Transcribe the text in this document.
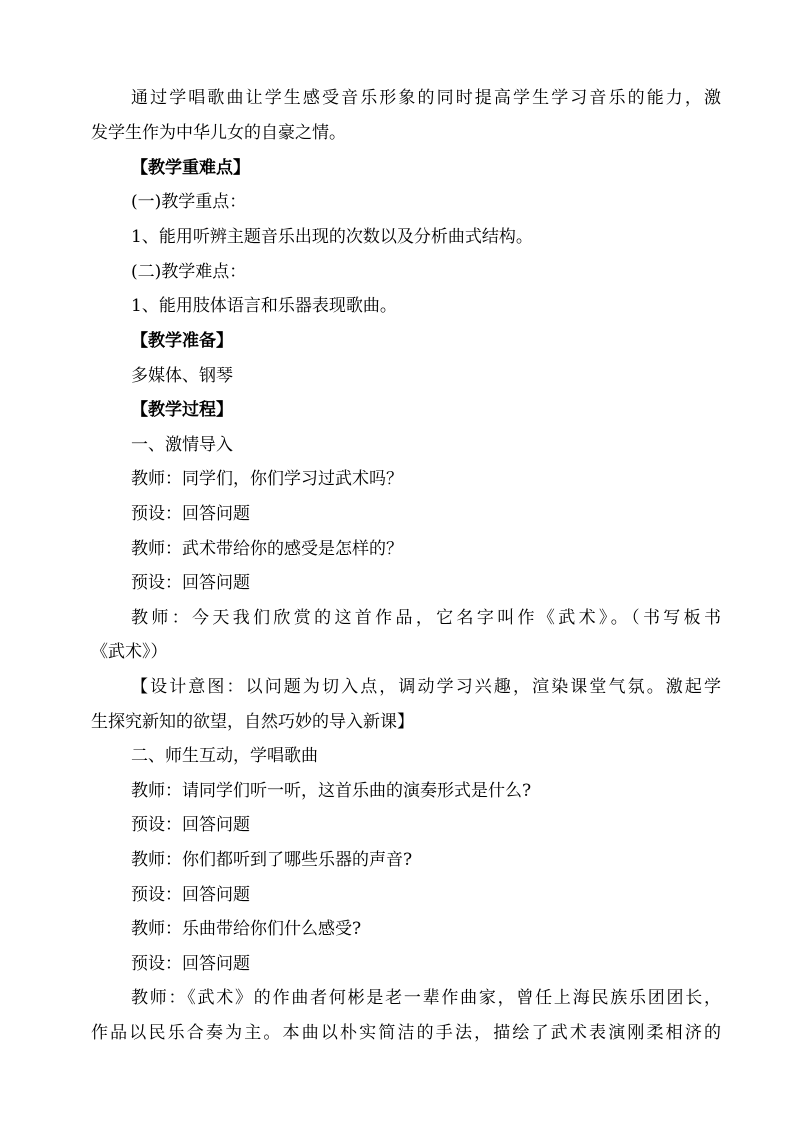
通过学唱歌曲让学生感受音乐形象的同时提高学生学习音乐的能力，激
发学生作为中华儿女的自豪之情。
【教学重难点】
(一)教学重点：
1、能用听辨主题音乐出现的次数以及分析曲式结构。
(二)教学难点：
1、能用肢体语言和乐器表现歌曲。
【教学准备】
多媒体、钢琴
【教学过程】
一、激情导入
教师：同学们，你们学习过武术吗？
预设：回答问题
教师：武术带给你的感受是怎样的？
预设：回答问题
教师：今天我们欣赏的这首作品，它名字叫作《武术》。（书写板书
《武术》）
【设计意图：以问题为切入点，调动学习兴趣，渲染课堂气氛。激起学
生探究新知的欲望，自然巧妙的导入新课】
二、师生互动，学唱歌曲
教师：请同学们听一听，这首乐曲的演奏形式是什么?
预设：回答问题
教师：你们都听到了哪些乐器的声音?
预设：回答问题
教师：乐曲带给你们什么感受?
预设：回答问题
教师：《武术》的作曲者何彬是老一辈作曲家，曾任上海民族乐团团长，
作品以民乐合奏为主。本曲以朴实简洁的手法，描绘了武术表演刚柔相济的
